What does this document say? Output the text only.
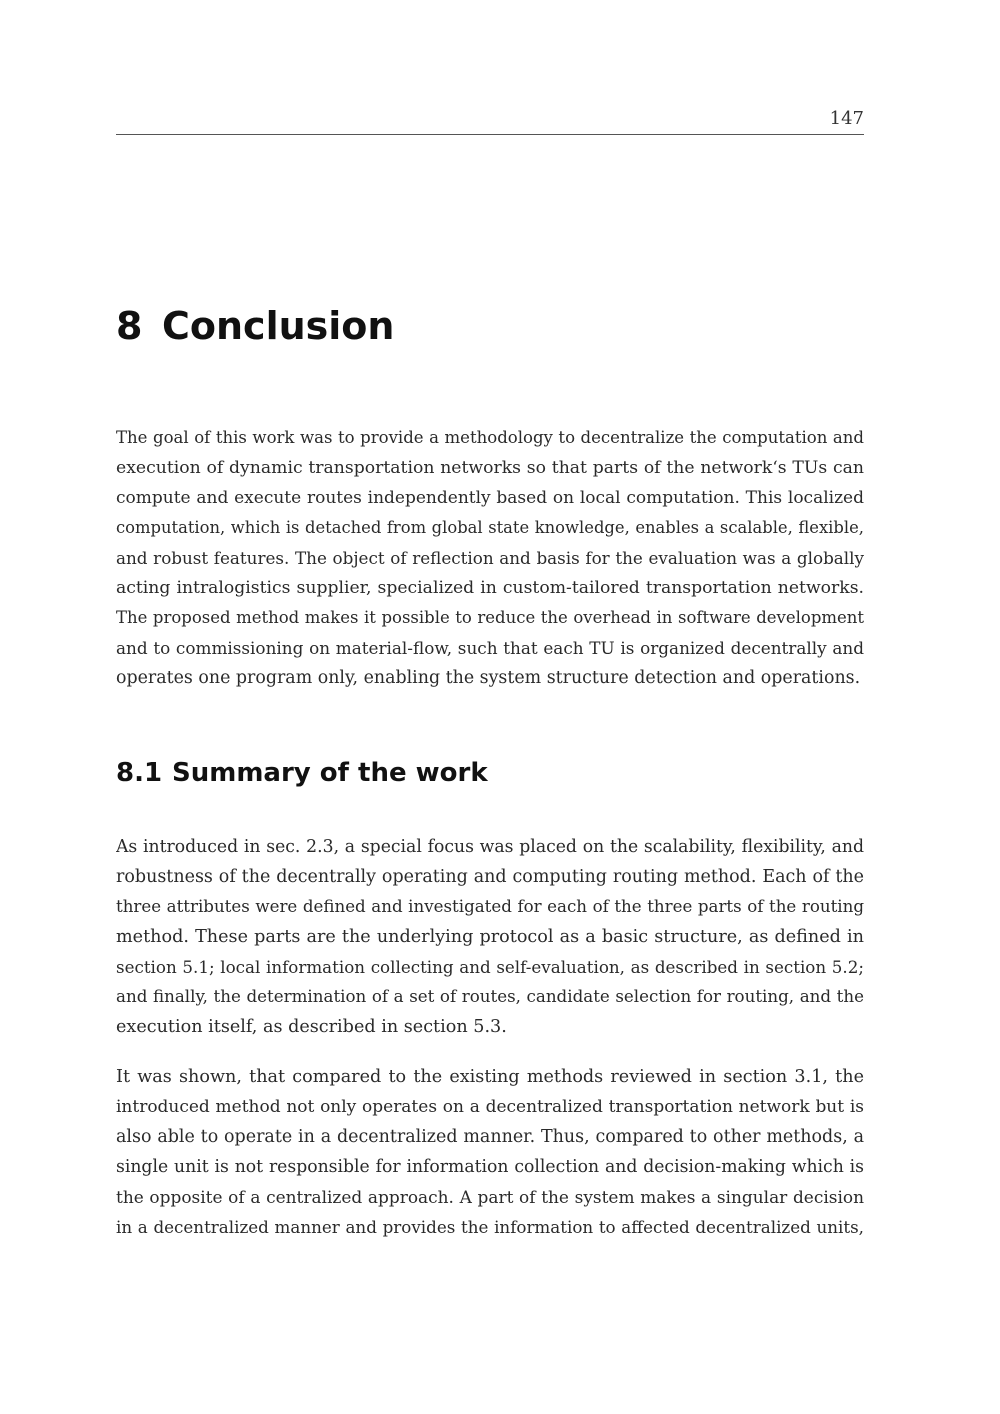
147
8 Conclusion
The goal of this work was to provide a methodology to decentralize the computation and
execution of dynamic transportation networks so that parts of the network‘s TUs can
compute and execute routes independently based on local computation. This localized
computation, which is detached from global state knowledge, enables a scalable, flexible,
and robust features. The object of reflection and basis for the evaluation was a globally
acting intralogistics supplier, specialized in custom-tailored transportation networks.
The proposed method makes it possible to reduce the overhead in software development
and to commissioning on material-flow, such that each TU is organized decentrally and
operates one program only, enabling the system structure detection and operations.
8.1 Summary of the work
As introduced in sec. 2.3, a special focus was placed on the scalability, flexibility, and
robustness of the decentrally operating and computing routing method. Each of the
three attributes were defined and investigated for each of the three parts of the routing
method. These parts are the underlying protocol as a basic structure, as defined in
section 5.1; local information collecting and self-evaluation, as described in section 5.2;
and finally, the determination of a set of routes, candidate selection for routing, and the
execution itself, as described in section 5.3.
It was shown, that compared to the existing methods reviewed in section 3.1, the
introduced method not only operates on a decentralized transportation network but is
also able to operate in a decentralized manner. Thus, compared to other methods, a
single unit is not responsible for information collection and decision-making which is
the opposite of a centralized approach. A part of the system makes a singular decision
in a decentralized manner and provides the information to affected decentralized units,
